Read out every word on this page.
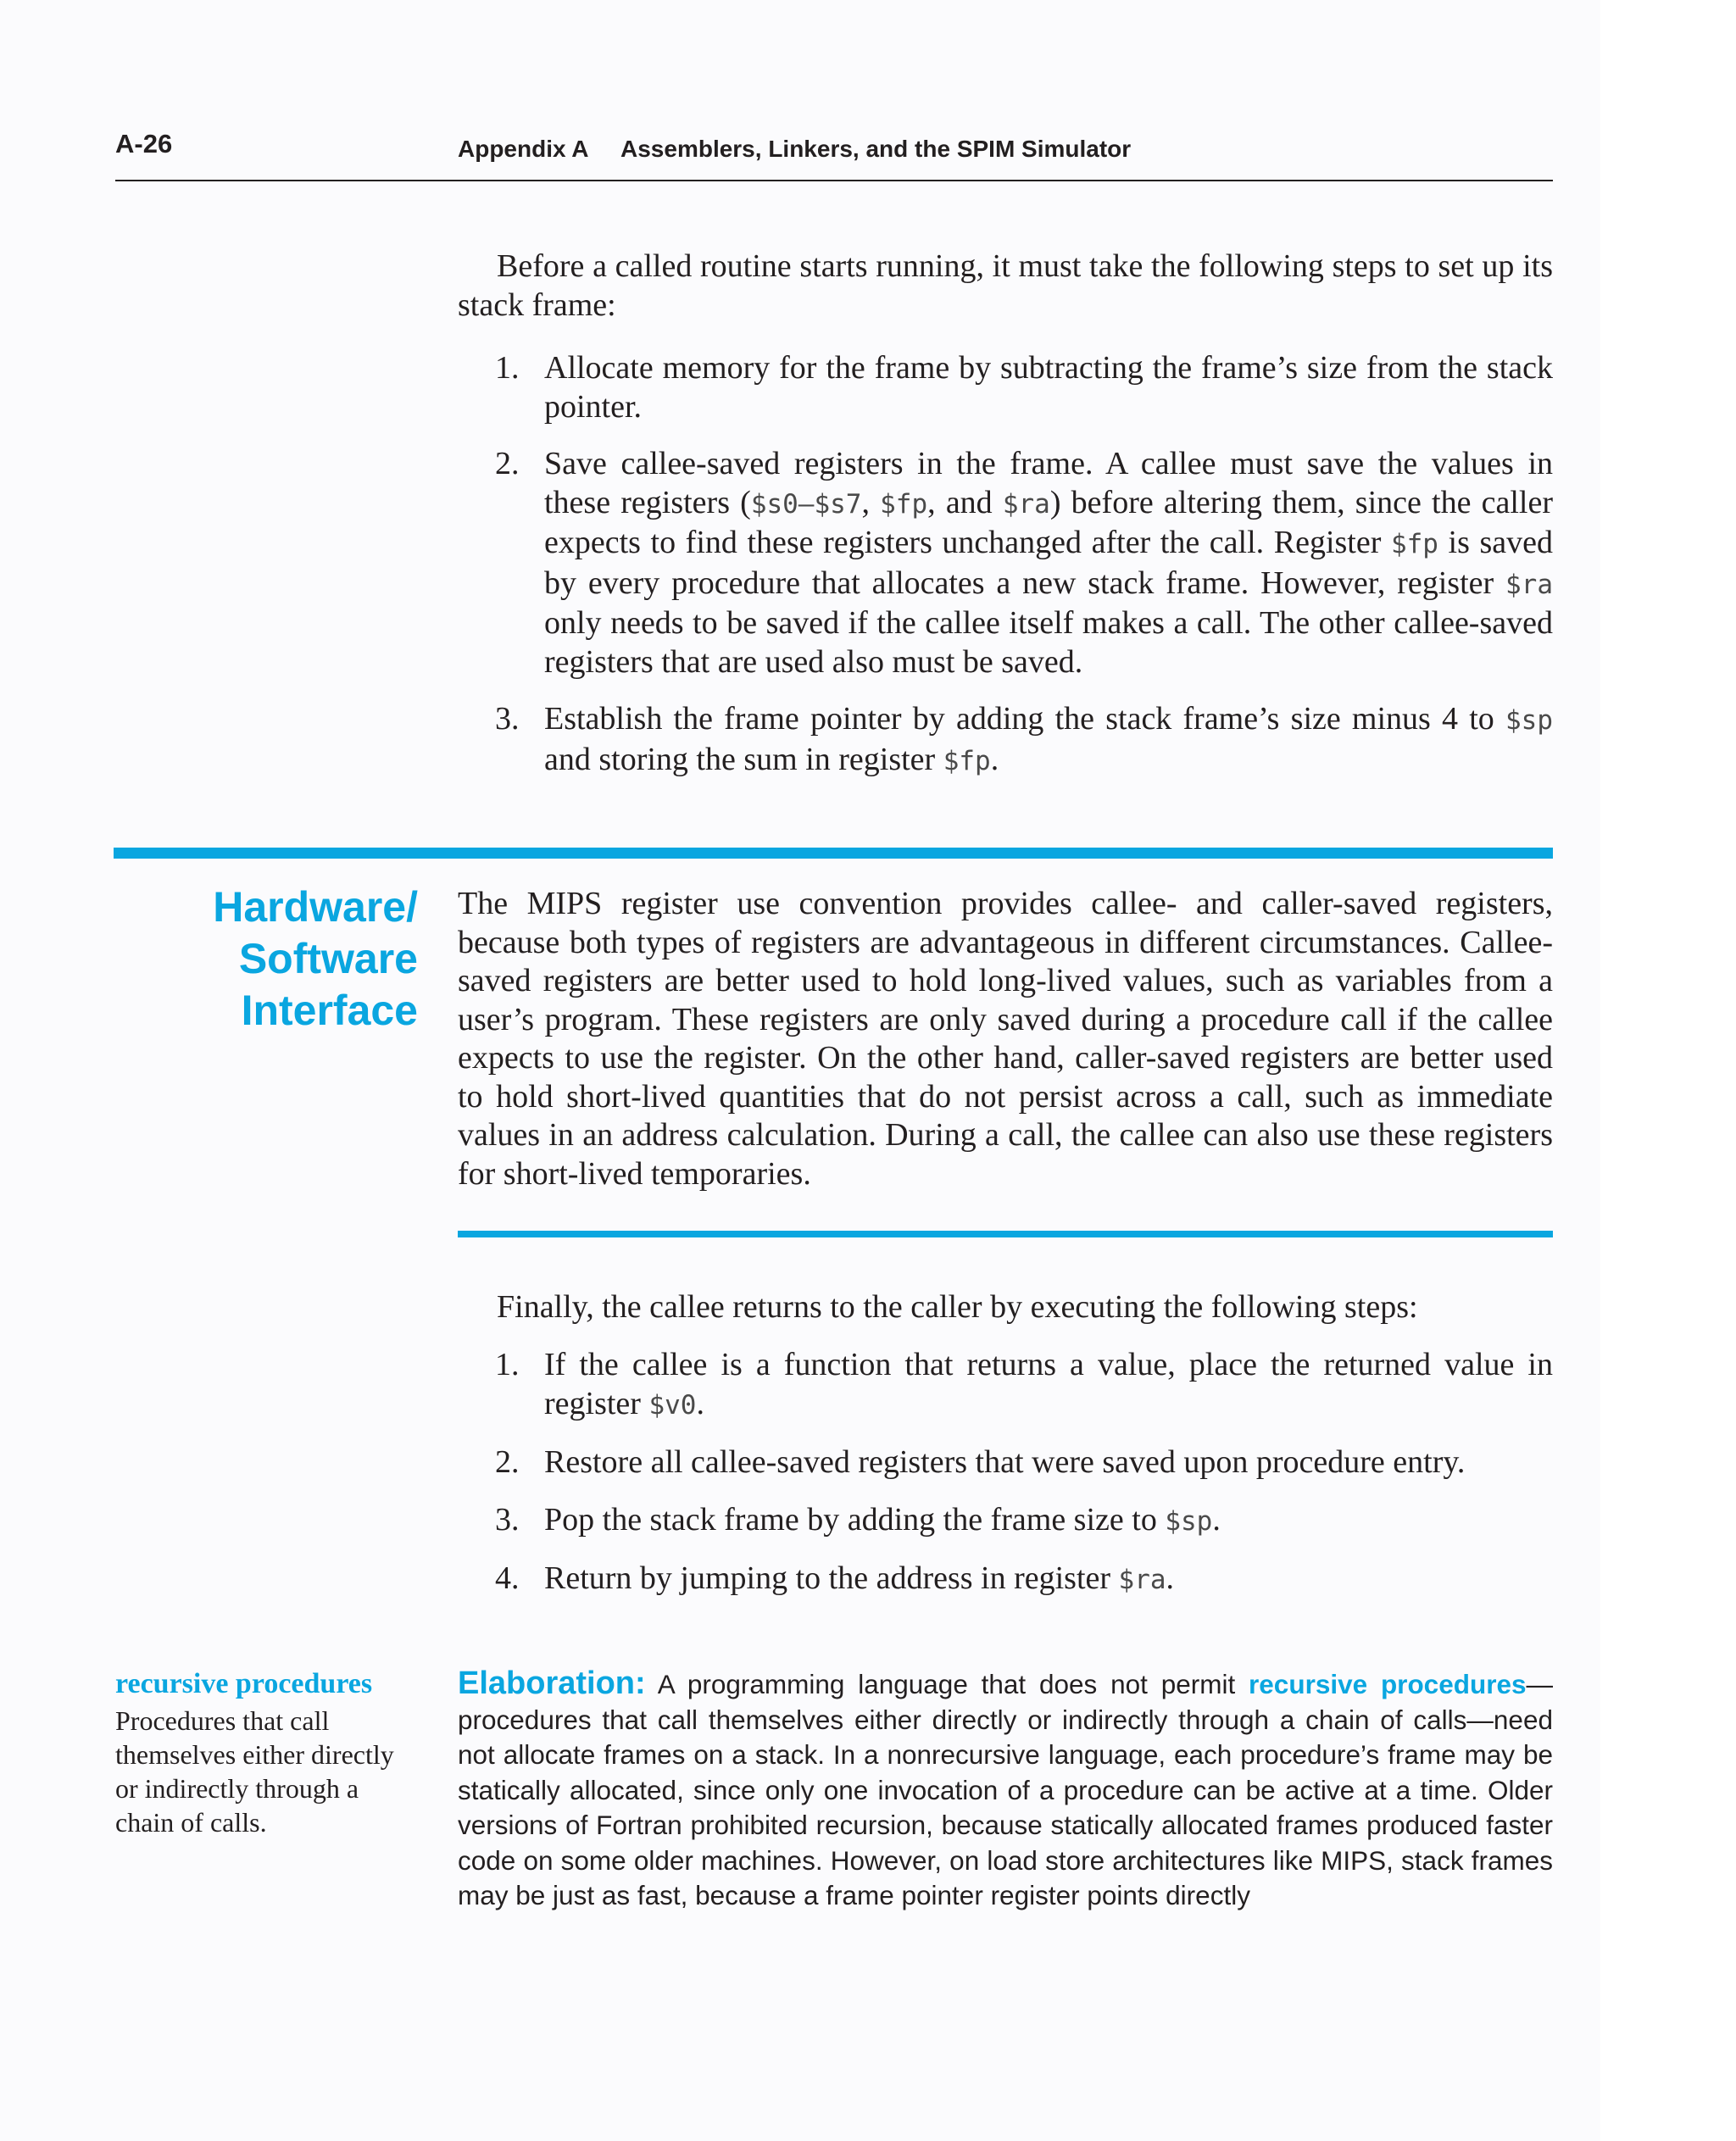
A-26	Appendix A Assemblers, Linkers, and the SPIM Simulator

Before a called routine starts running, it must take the following steps to set up its stack frame:

1. Allocate memory for the frame by subtracting the frame’s size from the stack pointer.
2. Save callee-saved registers in the frame. A callee must save the values in these registers ($s0–$s7, $fp, and $ra) before altering them, since the caller expects to find these registers unchanged after the call. Register $fp is saved by every procedure that allocates a new stack frame. However, register $ra only needs to be saved if the callee itself makes a call. The other callee-saved registers that are used also must be saved.
3. Establish the frame pointer by adding the stack frame’s size minus 4 to $sp and storing the sum in register $fp.
Hardware/
Software
Interface

The MIPS register use convention provides callee- and caller-saved registers, because both types of registers are advantageous in different circumstances. Callee-saved registers are better used to hold long-lived values, such as variables from a user’s program. These registers are only saved during a procedure call if the callee expects to use the register. On the other hand, caller-saved registers are better used to hold short-lived quantities that do not persist across a call, such as immediate values in an address calculation. During a call, the callee can also use these registers for short-lived temporaries.

Finally, the callee returns to the caller by executing the following steps:

1. If the callee is a function that returns a value, place the returned value in register $v0.
2. Restore all callee-saved registers that were saved upon procedure entry.
3. Pop the stack frame by adding the frame size to $sp.
4. Return by jumping to the address in register $ra.
recursive procedures
Procedures that call themselves either directly or indirectly through a chain of calls.

Elaboration: A programming language that does not permit recursive procedures—procedures that call themselves either directly or indirectly through a chain of calls—need not allocate frames on a stack. In a nonrecursive language, each procedure’s frame may be statically allocated, since only one invocation of a procedure can be active at a time. Older versions of Fortran prohibited recursion, because statically allocated frames produced faster code on some older machines. However, on load store architectures like MIPS, stack frames may be just as fast, because a frame pointer register points directly
